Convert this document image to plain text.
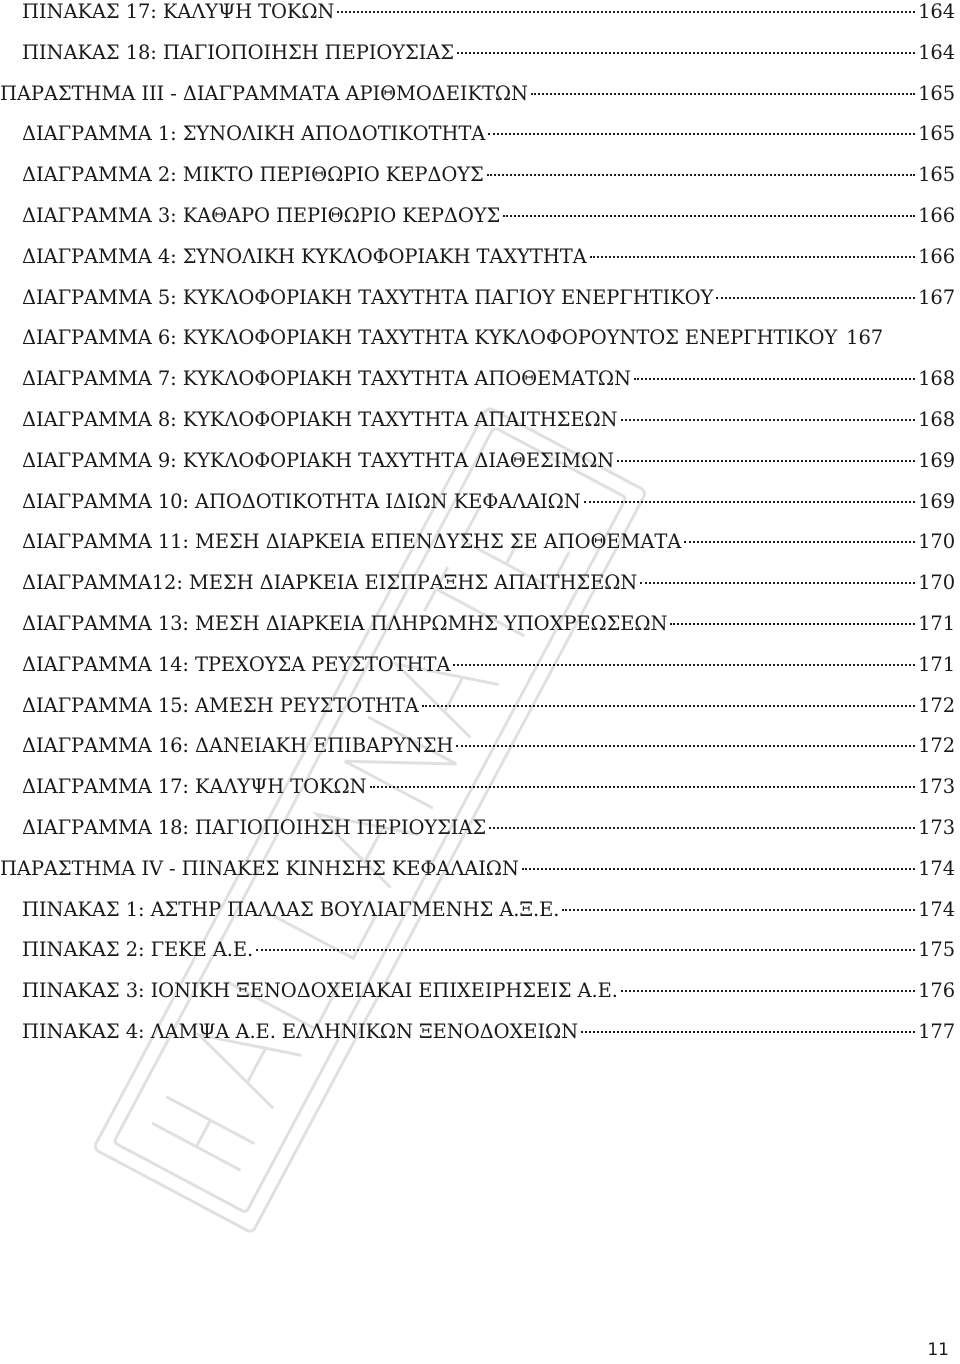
ΠΙΝΑΚΑΣ 17: ΚΑΛΥΨΗ ΤΟΚΩΝ	164
ΠΙΝΑΚΑΣ 18: ΠΑΓΙΟΠΟΙΗΣΗ ΠΕΡΙΟΥΣΙΑΣ	164
ΠΑΡΑΣΤΗΜΑ ΙΙΙ - ΔΙΑΓΡΑΜΜΑΤΑ ΑΡΙΘΜΟΔΕΙΚΤΩΝ	165
ΔΙΑΓΡΑΜΜΑ 1: ΣΥΝΟΛΙΚΗ ΑΠΟΔΟΤΙΚΟΤΗΤΑ	165
ΔΙΑΓΡΑΜΜΑ 2: ΜΙΚΤΟ ΠΕΡΙΘΩΡΙΟ ΚΕΡΔΟΥΣ	165
ΔΙΑΓΡΑΜΜΑ 3: ΚΑΘΑΡΟ ΠΕΡΙΘΩΡΙΟ ΚΕΡΔΟΥΣ	166
ΔΙΑΓΡΑΜΜΑ 4: ΣΥΝΟΛΙΚΗ ΚΥΚΛΟΦΟΡΙΑΚΗ ΤΑΧΥΤΗΤΑ	166
ΔΙΑΓΡΑΜΜΑ 5: ΚΥΚΛΟΦΟΡΙΑΚΗ ΤΑΧΥΤΗΤΑ ΠΑΓΙΟΥ ΕΝΕΡΓΗΤΙΚΟΥ	167
ΔΙΑΓΡΑΜΜΑ 6: ΚΥΚΛΟΦΟΡΙΑΚΗ ΤΑΧΥΤΗΤΑ ΚΥΚΛΟΦΟΡΟΥΝΤΟΣ ΕΝΕΡΓΗΤΙΚΟΥ 167
ΔΙΑΓΡΑΜΜΑ 7: ΚΥΚΛΟΦΟΡΙΑΚΗ ΤΑΧΥΤΗΤΑ ΑΠΟΘΕΜΑΤΩΝ	168
ΔΙΑΓΡΑΜΜΑ 8: ΚΥΚΛΟΦΟΡΙΑΚΗ ΤΑΧΥΤΗΤΑ ΑΠΑΙΤΗΣΕΩΝ	168
ΔΙΑΓΡΑΜΜΑ 9: ΚΥΚΛΟΦΟΡΙΑΚΗ ΤΑΧΥΤΗΤΑ ΔΙΑΘΕΣΙΜΩΝ	169
ΔΙΑΓΡΑΜΜΑ 10: ΑΠΟΔΟΤΙΚΟΤΗΤΑ ΙΔΙΩΝ ΚΕΦΑΛΑΙΩΝ	169
ΔΙΑΓΡΑΜΜΑ 11: ΜΕΣΗ ΔΙΑΡΚΕΙΑ ΕΠΕΝΔΥΣΗΣ ΣΕ ΑΠΟΘΕΜΑΤΑ	170
ΔΙΑΓΡΑΜΜΑ12: ΜΕΣΗ ΔΙΑΡΚΕΙΑ ΕΙΣΠΡΑΞΗΣ ΑΠΑΙΤΗΣΕΩΝ	170
ΔΙΑΓΡΑΜΜΑ 13: ΜΕΣΗ ΔΙΑΡΚΕΙΑ ΠΛΗΡΩΜΗΣ ΥΠΟΧΡΕΩΣΕΩΝ	171
ΔΙΑΓΡΑΜΜΑ 14: ΤΡΕΧΟΥΣΑ ΡΕΥΣΤΟΤΗΤΑ	171
ΔΙΑΓΡΑΜΜΑ 15: ΑΜΕΣΗ ΡΕΥΣΤΟΤΗΤΑ	172
ΔΙΑΓΡΑΜΜΑ 16: ΔΑΝΕΙΑΚΗ ΕΠΙΒΑΡΥΝΣΗ	172
ΔΙΑΓΡΑΜΜΑ 17: ΚΑΛΥΨΗ ΤΟΚΩΝ	173
ΔΙΑΓΡΑΜΜΑ 18: ΠΑΓΙΟΠΟΙΗΣΗ ΠΕΡΙΟΥΣΙΑΣ	173
ΠΑΡΑΣΤΗΜΑ IV - ΠΙΝΑΚΕΣ ΚΙΝΗΣΗΣ ΚΕΦΑΛΑΙΩΝ	174
ΠΙΝΑΚΑΣ 1: ΑΣΤΗΡ ΠΑΛΛΑΣ ΒΟΥΛΙΑΓΜΕΝΗΣ Α.Ξ.Ε.	174
ΠΙΝΑΚΑΣ 2: ΓΕΚΕ Α.Ε.	175
ΠΙΝΑΚΑΣ 3: ΙΟΝΙΚΗ ΞΕΝΟΔΟΧΕΙΑΚΑΙ ΕΠΙΧΕΙΡΗΣΕΙΣ Α.Ε.	176
ΠΙΝΑΚΑΣ 4: ΛΑΜΨΑ Α.Ε. ΕΛΛΗΝΙΚΩΝ ΞΕΝΟΔΟΧΕΙΩΝ	177
11
